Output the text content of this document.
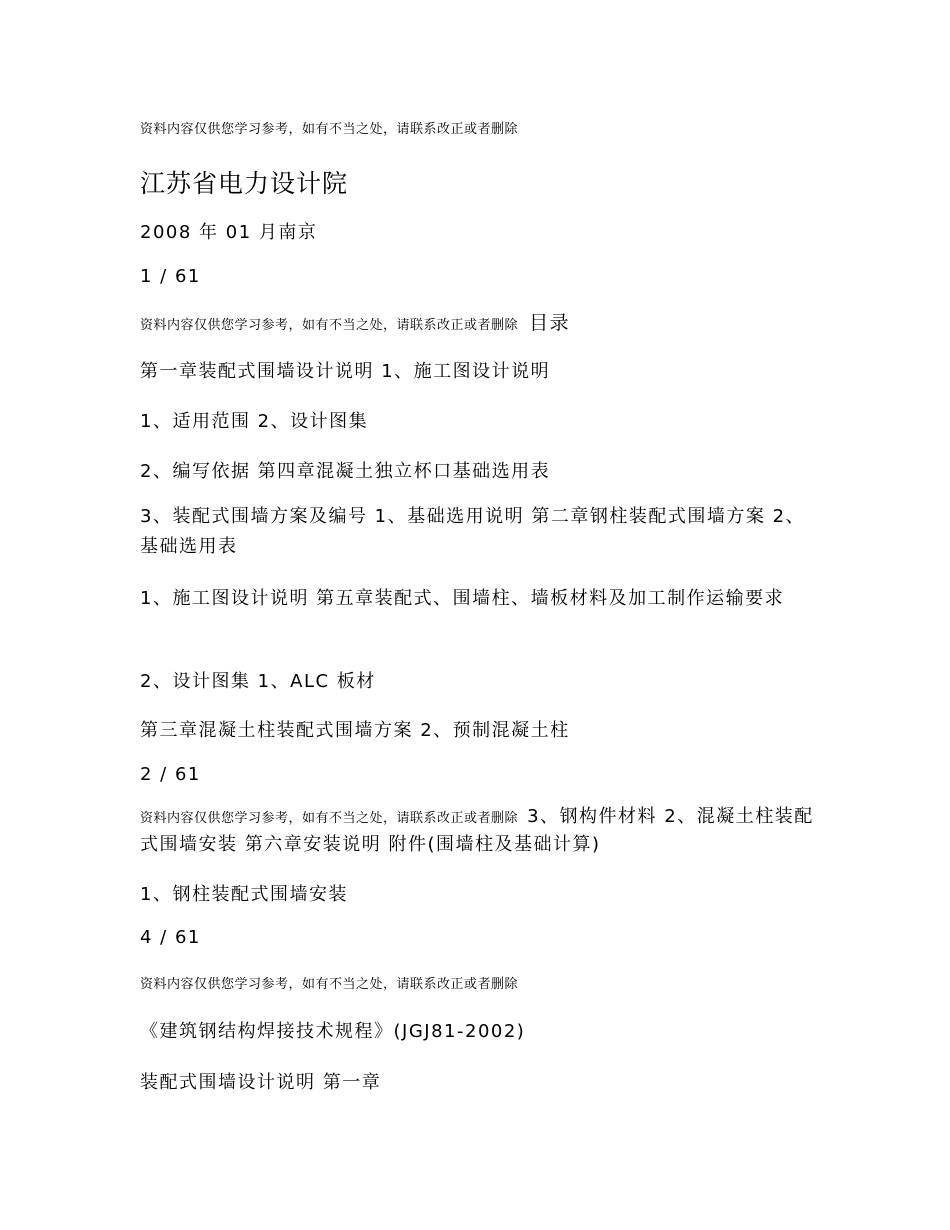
资料内容仅供您学习参考，如有不当之处，请联系改正或者删除
江苏省电力设计院
2008 年 01 月南京
1 / 61
资料内容仅供您学习参考，如有不当之处，请联系改正或者删除 目录
第一章装配式围墙设计说明 1、施工图设计说明
1、适用范围 2、设计图集
2、编写依据 第四章混凝土独立杯口基础选用表
3、装配式围墙方案及编号 1、基础选用说明 第二章钢柱装配式围墙方案 2、基础选用表
1、施工图设计说明 第五章装配式、围墙柱、墙板材料及加工制作运输要求
2、设计图集 1、ALC 板材
第三章混凝土柱装配式围墙方案 2、预制混凝土柱
2 / 61
资料内容仅供您学习参考，如有不当之处，请联系改正或者删除 3、钢构件材料 2、混凝土柱装配式围墙安装 第六章安装说明 附件(围墙柱及基础计算)
1、钢柱装配式围墙安装
4 / 61
资料内容仅供您学习参考，如有不当之处，请联系改正或者删除
《建筑钢结构焊接技术规程》(JGJ81-2002)
装配式围墙设计说明 第一章
